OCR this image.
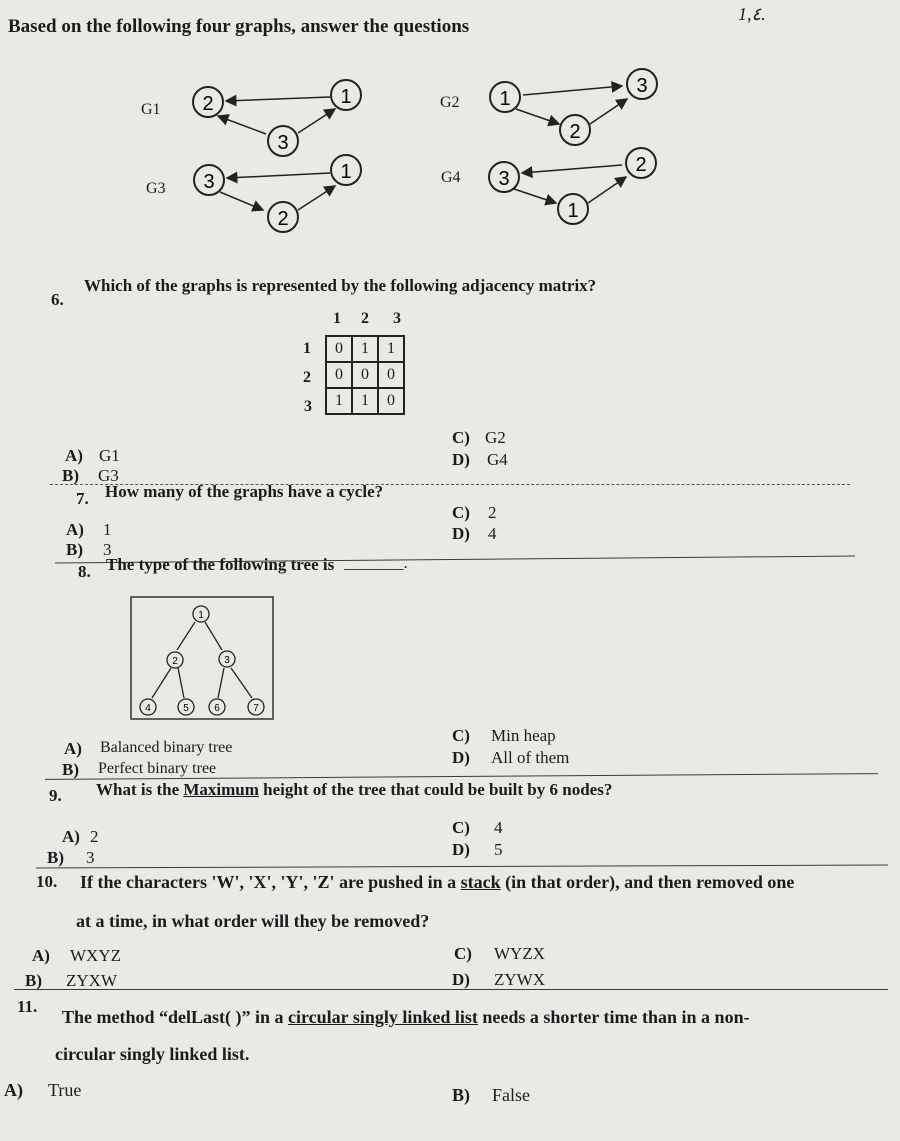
Based on the following four graphs, answer the questions
1,٤.
G1	G2
G3
G4
2	1
3
1
3
2
3	1
2
3
2
1
6.
Which of the graphs is represented by the following adjacency matrix?
1 2 3
1
2
3
0	1	1
0	0	0
1	1	0
A) G1
B) G3
C) G2
D) G4
7. How many of the graphs have a cycle?
A) 1
B) 3
C) 2
D) 4
8. The type of the following tree is _______.
1
2	3
4	5	6	7
A) Balanced binary tree
B) Perfect binary tree
C) Min heap
D) All of them
9. What is the Maximum height of the tree that could be built by 6 nodes?
A) 2
B) 3
C) 4
D) 5
10. If the characters 'W', 'X', 'Y', 'Z' are pushed in a stack (in that order), and then removed one
at a time, in what order will they be removed?
A) WXYZ
B) ZYXW
C) WYZX
D) ZYWX
11.
The method “delLast( )” in a circular singly linked list needs a shorter time than in a non-
circular singly linked list.
A) True	B) False
